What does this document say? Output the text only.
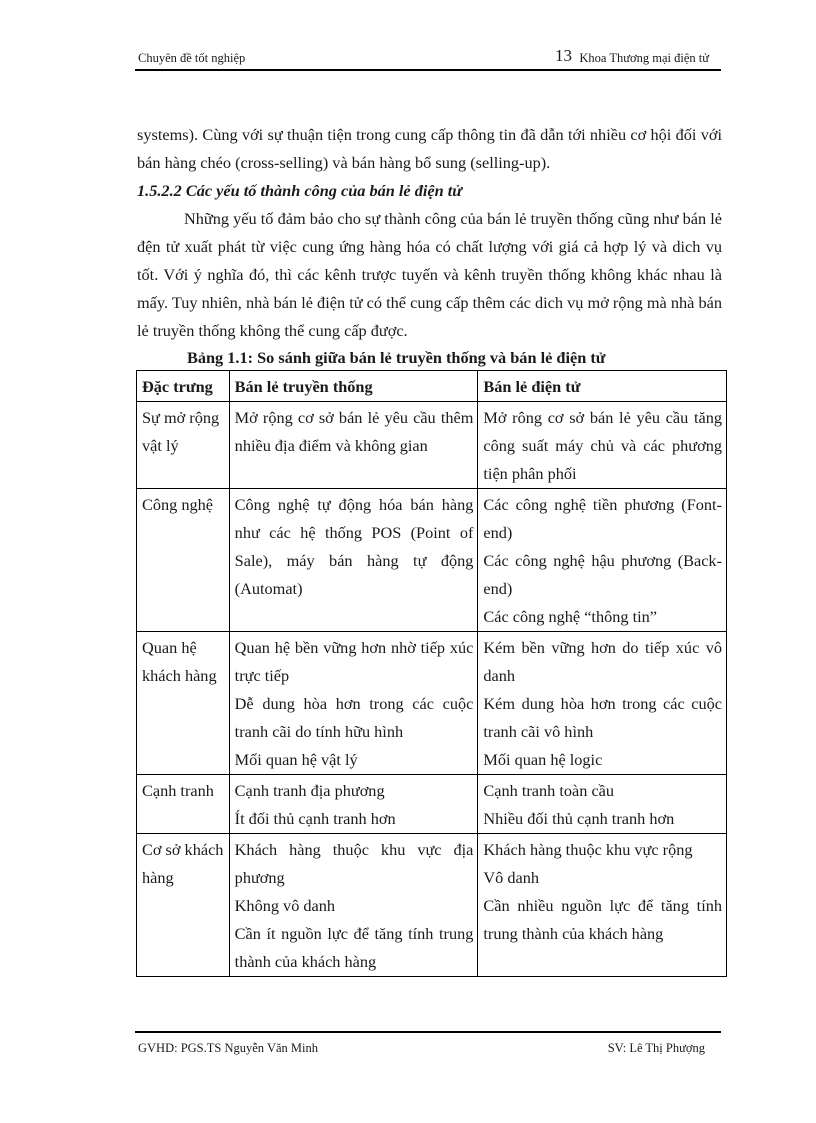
Chuyên đề tốt nghiệp	13 Khoa Thương mại điện tử

systems). Cùng với sự thuận tiện trong cung cấp thông tin đã dẫn tới nhiều cơ hội đối với bán hàng chéo (cross-selling) và bán hàng bổ sung (selling-up).

1.5.2.2 Các yếu tố thành công của bán lẻ điện tử

Những yếu tố đảm bảo cho sự thành công của bán lẻ truyền thống cũng như bán lẻ đện tử xuất phát từ việc cung ứng hàng hóa có chất lượng với giá cả hợp lý và dich vụ tốt. Với ý nghĩa đó, thì các kênh trược tuyến và kênh truyền thống không khác nhau là mấy. Tuy nhiên, nhà bán lẻ điện tử có thể cung cấp thêm các dich vụ mở rộng mà nhà bán lẻ truyền thống không thể cung cấp được.

Bảng 1.1: So sánh giữa bán lẻ truyền thống và bán lẻ điện tử

Đặc trưng	Bán lẻ truyền thống	Bán lẻ điện tử
Sự mở rộng vật lý	Mở rộng cơ sở bán lẻ yêu cầu thêm nhiều địa điểm và không gian	Mở rông cơ sở bán lẻ yêu cầu tăng công suất máy chủ và các phương tiện phân phối

Công nghệ	Công nghệ tự động hóa bán hàng như các hệ thống POS (Point of Sale), máy bán hàng tự động (Automat)	Các công nghệ tiền phương (Font-end)
Các công nghệ hậu phương (Back-end)
Các công nghệ “thông tin”

Quan hệ khách hàng	Quan hệ bền vững hơn nhờ tiếp xúc trực tiếp
Dễ dung hòa hơn trong các cuộc tranh cãi do tính hữu hình
Mối quan hệ vật lý	Kém bền vững hơn do tiếp xúc vô danh
Kém dung hòa hơn trong các cuộc tranh cãi vô hình
Mối quan hệ logic

Cạnh tranh	Cạnh tranh địa phương
Ít đối thủ cạnh tranh hơn	Cạnh tranh toàn cầu
Nhiều đối thủ cạnh tranh hơn

Cơ sở khách hàng	Khách hàng thuộc khu vực địa phương
Không vô danh
Cần ít nguồn lực để tăng tính trung thành của khách hàng	Khách hàng thuộc khu vực rộng
Vô danh
Cần nhiều nguồn lực để tăng tính trung thành của khách hàng
GVHD: PGS.TS Nguyễn Văn Minh	SV: Lê Thị Phượng
